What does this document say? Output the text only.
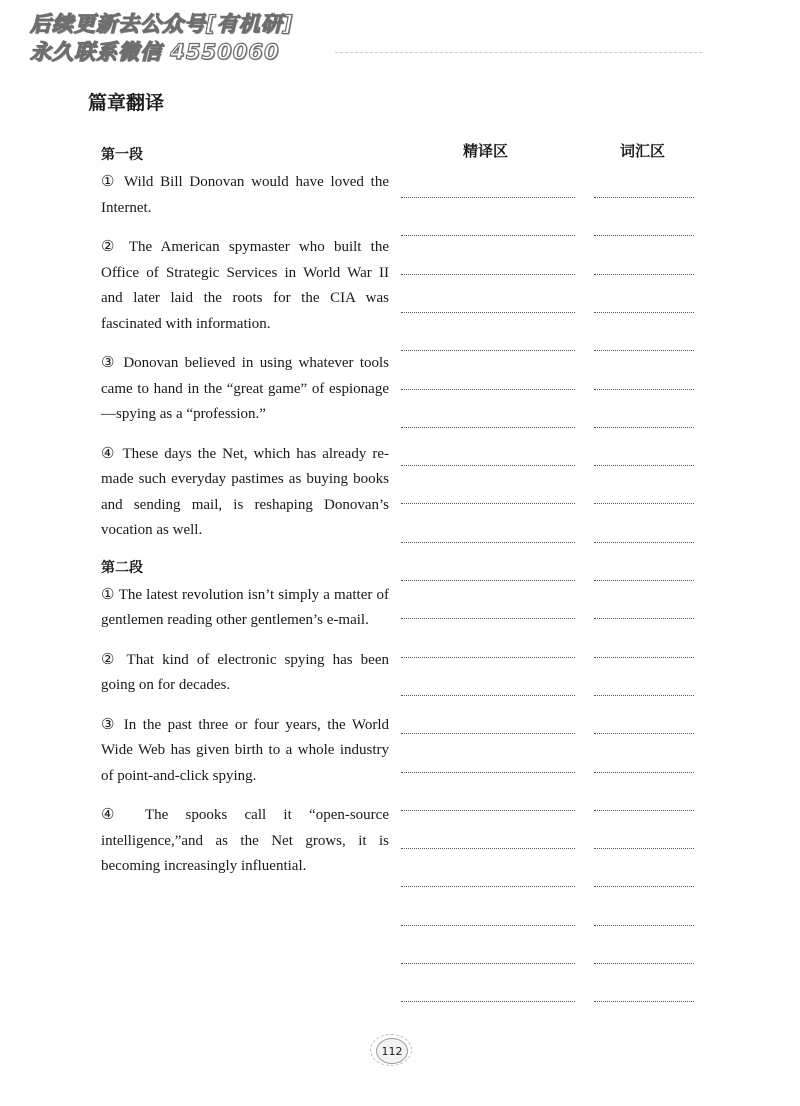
后续更新去公众号[有机研]
永久联系微信 4550060
篇章翻译
精译区	词汇区
第一段

① Wild Bill Donovan would have loved the Internet.

② The American spymaster who built the Office of Strategic Services in World War II and later laid the roots for the CIA was fascinated with information.

③ Donovan believed in using whatever tools came to hand in the “great game” of espionage—spying as a “profession.”

④ These days the Net, which has already re-made such everyday pastimes as buying books and sending mail, is reshaping Donovan’s vocation as well.

第二段

① The latest revolution isn’t simply a matter of gentlemen reading other gentlemen’s e-mail.

② That kind of electronic spying has been going on for decades.

③ In the past three or four years, the World Wide Web has given birth to a whole industry of point-and-click spying.

④ The spooks call it “open-source intelligence,”and as the Net grows, it is becoming increasingly influential.

112
